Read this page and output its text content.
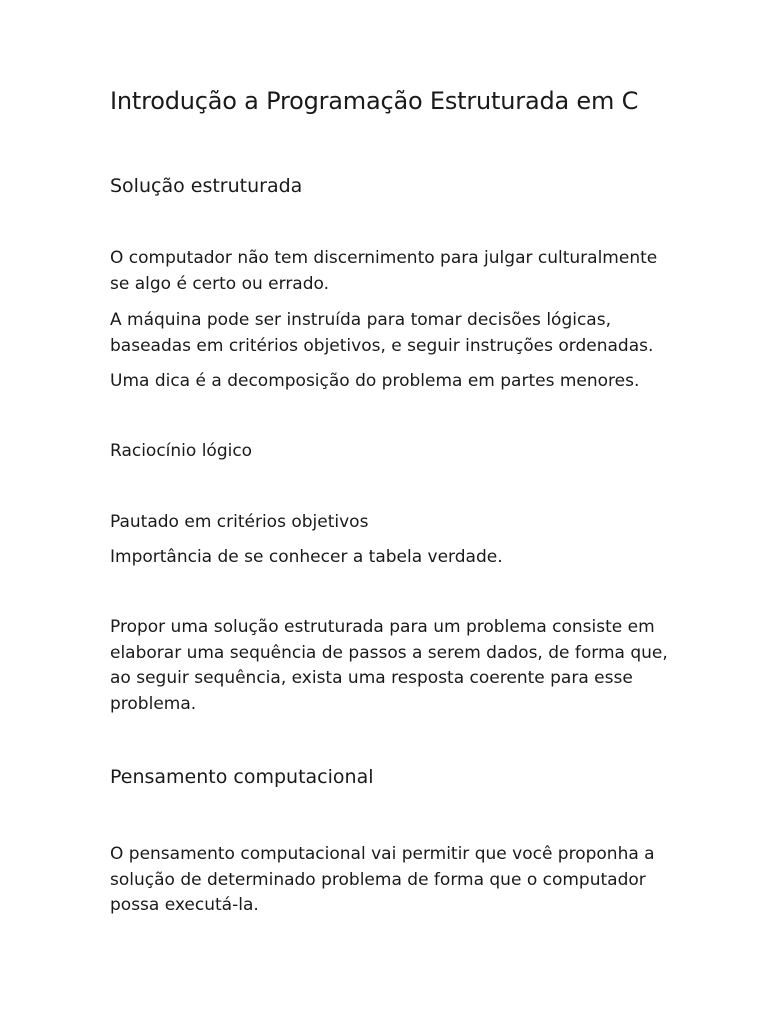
Introdução a Programação Estruturada em C
Solução estruturada

O computador não tem discernimento para julgar culturalmente se algo é certo ou errado.

A máquina pode ser instruída para tomar decisões lógicas, baseadas em critérios objetivos, e seguir instruções ordenadas.

Uma dica é a decomposição do problema em partes menores.

Raciocínio lógico

Pautado em critérios objetivos

Importância de se conhecer a tabela verdade.

Propor uma solução estruturada para um problema consiste em elaborar uma sequência de passos a serem dados, de forma que, ao seguir sequência, exista uma resposta coerente para esse problema.

Pensamento computacional

O pensamento computacional vai permitir que você proponha a solução de determinado problema de forma que o computador possa executá-la.
